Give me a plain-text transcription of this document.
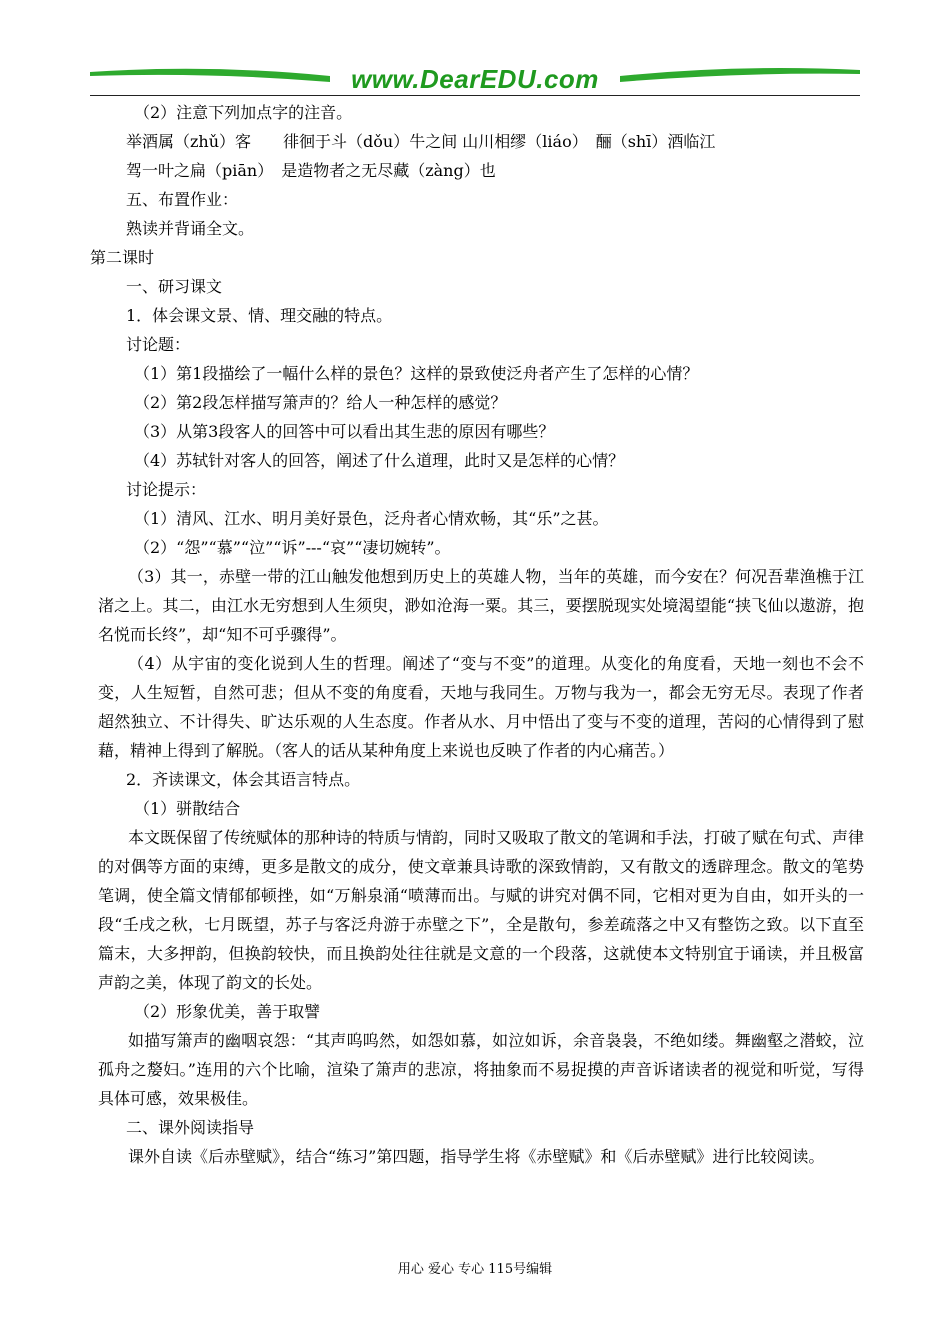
www.DearEDU.com

（2）注意下列加点字的注音。

举酒属（zhǔ）客　　徘徊于斗（dǒu）牛之间 山川相缪（liáo）　酾（shī）酒临江

驾一叶之扁（piān）　是造物者之无尽藏（zàng）也

五、布置作业：

熟读并背诵全文。

第二课时

一、研习课文

1．体会课文景、情、理交融的特点。

讨论题：

（1）第1段描绘了一幅什么样的景色？这样的景致使泛舟者产生了怎样的心情？

（2）第2段怎样描写箫声的？给人一种怎样的感觉？

（3）从第3段客人的回答中可以看出其生悲的原因有哪些？

（4）苏轼针对客人的回答，阐述了什么道理，此时又是怎样的心情？

讨论提示：

（1）清风、江水、明月美好景色，泛舟者心情欢畅，其“乐”之甚。

（2）“怨”“慕”“泣”“诉”---“哀”“凄切婉转”。

（3）其一，赤壁一带的江山触发他想到历史上的英雄人物，当年的英雄，而今安在？何况吾辈渔樵于江渚之上。其二，由江水无穷想到人生须臾，渺如沧海一粟。其三，要摆脱现实处境渴望能“挟飞仙以遨游，抱名悦而长终”，却“知不可乎骤得”。

（4）从宇宙的变化说到人生的哲理。阐述了“变与不变”的道理。从变化的角度看，天地一刻也不会不变，人生短暂，自然可悲；但从不变的角度看，天地与我同生。万物与我为一，都会无穷无尽。表现了作者超然独立、不计得失、旷达乐观的人生态度。作者从水、月中悟出了变与不变的道理，苦闷的心情得到了慰藉，精神上得到了解脱。（客人的话从某种角度上来说也反映了作者的内心痛苦。）

2．齐读课文，体会其语言特点。

（1）骈散结合

本文既保留了传统赋体的那种诗的特质与情韵，同时又吸取了散文的笔调和手法，打破了赋在句式、声律的对偶等方面的束缚，更多是散文的成分，使文章兼具诗歌的深致情韵，又有散文的透辟理念。散文的笔势笔调，使全篇文情郁郁顿挫，如“万斛泉涌“喷薄而出。与赋的讲究对偶不同，它相对更为自由，如开头的一段“壬戌之秋，七月既望，苏子与客泛舟游于赤壁之下”，全是散句，参差疏落之中又有整饬之致。以下直至篇末，大多押韵，但换韵较快，而且换韵处往往就是文意的一个段落，这就使本文特别宜于诵读，并且极富声韵之美，体现了韵文的长处。

（2）形象优美，善于取譬

如描写箫声的幽咽哀怨：“其声呜呜然，如怨如慕，如泣如诉，余音袅袅，不绝如缕。舞幽壑之潜蛟，泣孤舟之嫠妇。”连用的六个比喻，渲染了箫声的悲凉，将抽象而不易捉摸的声音诉诸读者的视觉和听觉，写得具体可感，效果极佳。

二、课外阅读指导

课外自读《后赤壁赋》，结合“练习”第四题，指导学生将《赤壁赋》和《后赤壁赋》进行比较阅读。

用心 爱心 专心 115号编辑
